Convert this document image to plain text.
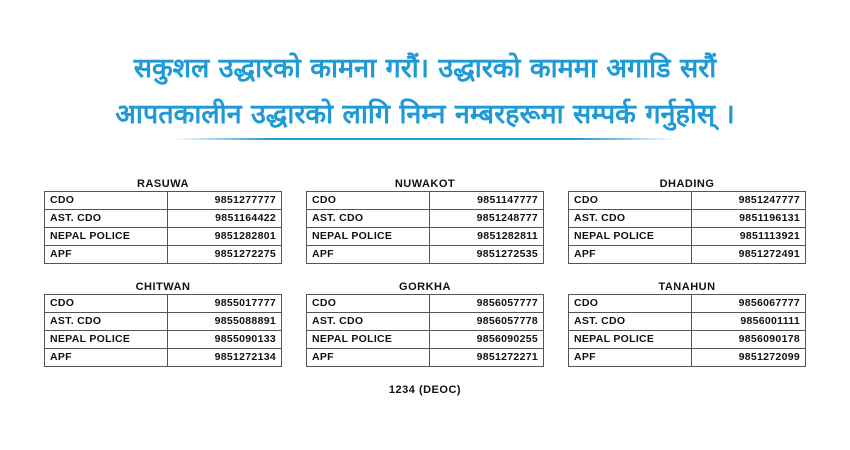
सकुशल उद्धारको कामना गरौं। उद्धारको काममा अगाडि सरौं
आपतकालीन उद्धारको लागि निम्न नम्बरहरूमा सम्पर्क गर्नुहोस् ।
RASUWA
CDO	9851277777
AST. CDO	9851164422
NEPAL POLICE	9851282801
APF	9851272275
NUWAKOT
CDO	9851147777
AST. CDO	9851248777
NEPAL POLICE	9851282811
APF	9851272535
DHADING
CDO	9851247777
AST. CDO	9851196131
NEPAL POLICE	9851113921
APF	9851272491
CHITWAN
CDO	9855017777
AST. CDO	9855088891
NEPAL POLICE	9855090133
APF	9851272134
GORKHA
CDO	9856057777
AST. CDO	9856057778
NEPAL POLICE	9856090255
APF	9851272271
TANAHUN
CDO	9856067777
AST. CDO	9856001111
NEPAL POLICE	9856090178
APF	9851272099
1234 (DEOC)
